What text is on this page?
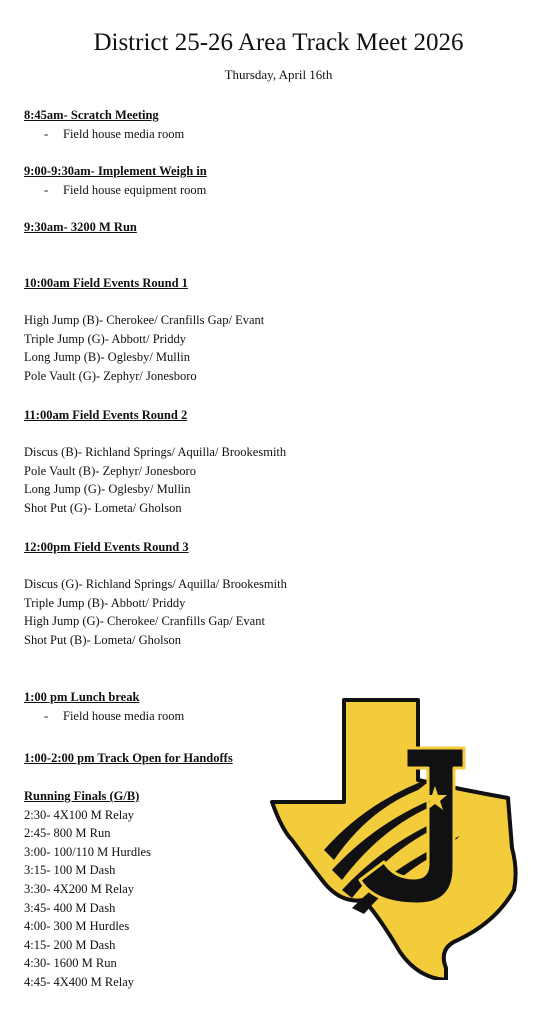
District 25-26 Area Track Meet 2026
Thursday, April 16th
8:45am- Scratch Meeting
- Field house media room
9:00-9:30am- Implement Weigh in
- Field house equipment room
9:30am- 3200 M Run
10:00am Field Events Round 1
High Jump (B)- Cherokee/ Cranfills Gap/ Evant
Triple Jump (G)- Abbott/ Priddy
Long Jump (B)- Oglesby/ Mullin
Pole Vault (G)- Zephyr/ Jonesboro
11:00am Field Events Round 2
Discus (B)- Richland Springs/ Aquilla/ Brookesmith
Pole Vault (B)- Zephyr/ Jonesboro
Long Jump (G)- Oglesby/ Mullin
Shot Put (G)- Lometa/ Gholson
12:00pm Field Events Round 3
Discus (G)- Richland Springs/ Aquilla/ Brookesmith
Triple Jump (B)- Abbott/ Priddy
High Jump (G)- Cherokee/ Cranfills Gap/ Evant
Shot Put (B)- Lometa/ Gholson
1:00 pm Lunch break
- Field house media room
1:00-2:00 pm Track Open for Handoffs
Running Finals (G/B)
2:30- 4X100 M Relay
2:45- 800 M Run
3:00- 100/110 M Hurdles
3:15- 100 M Dash
3:30- 4X200 M Relay
3:45- 400 M Dash
4:00- 300 M Hurdles
4:15- 200 M Dash
4:30- 1600 M Run
4:45- 4X400 M Relay
